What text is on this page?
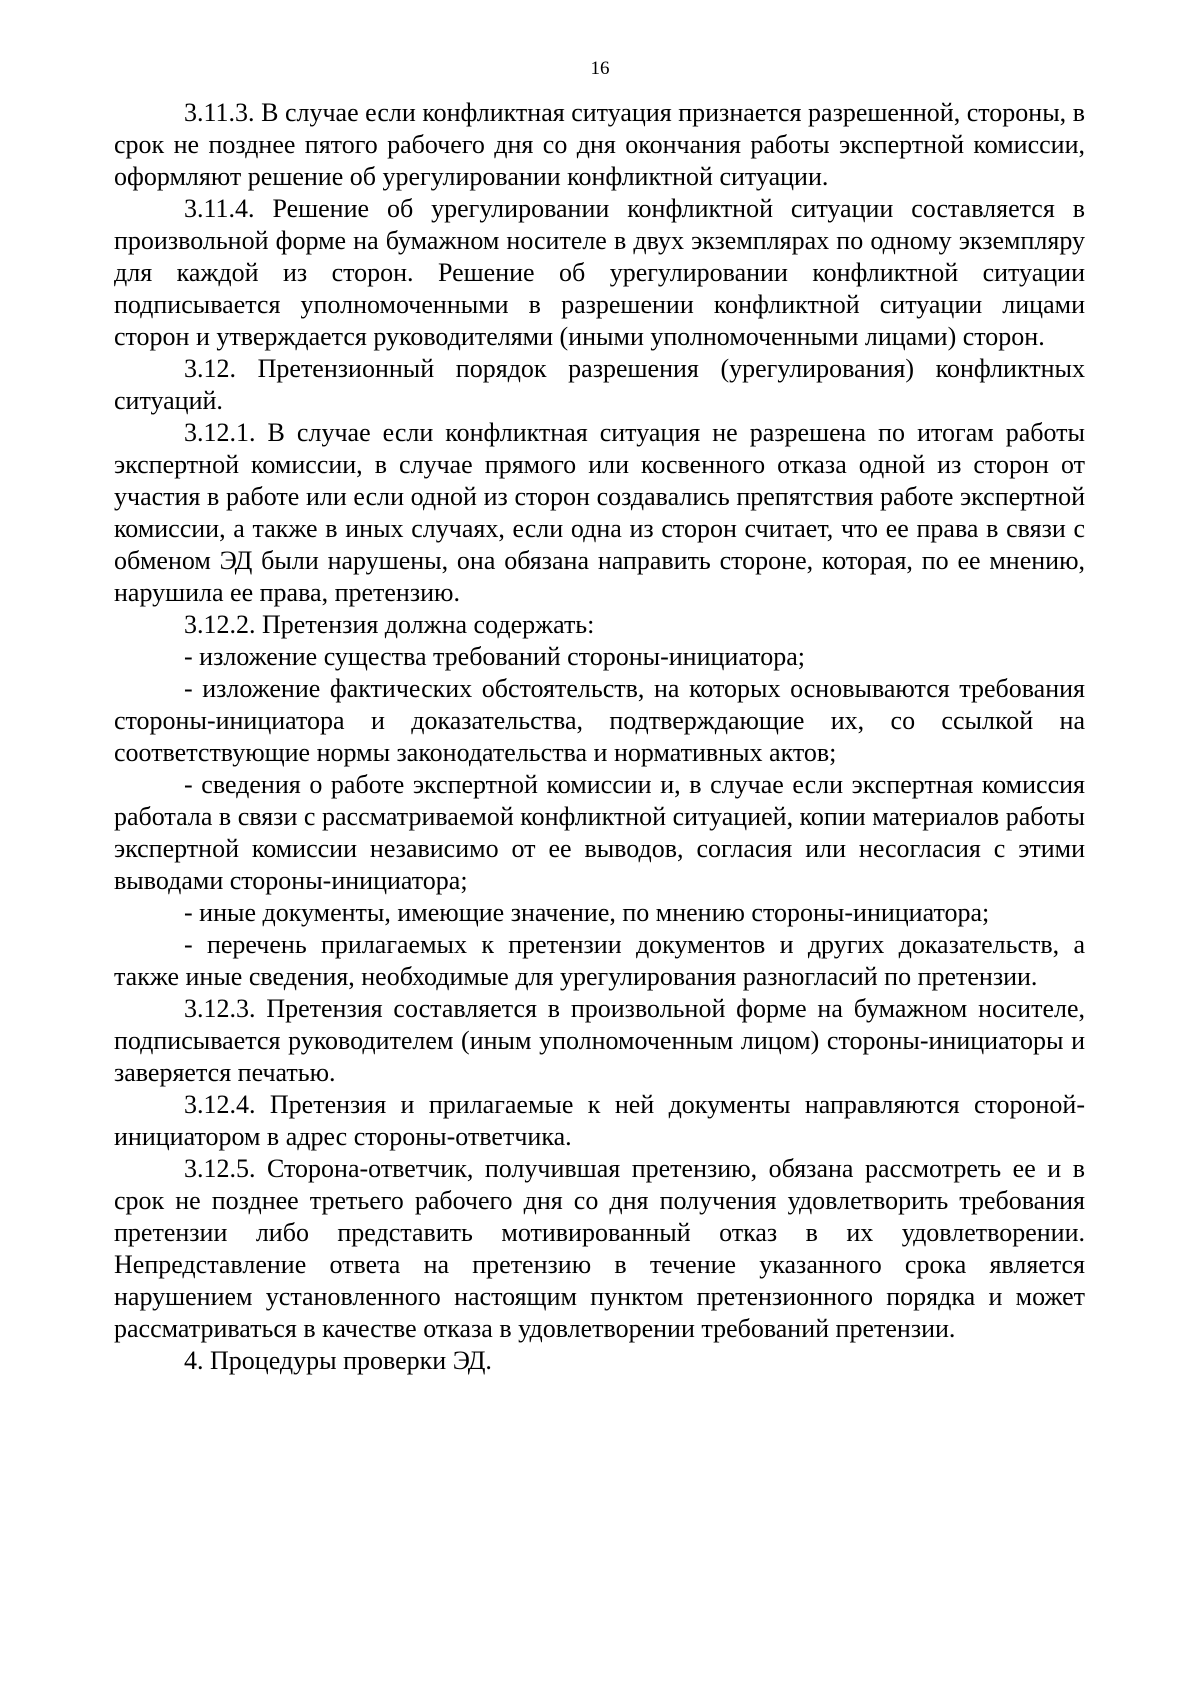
16

3.11.3. В случае если конфликтная ситуация признается разрешенной, стороны, в срок не позднее пятого рабочего дня со дня окончания работы экспертной комиссии, оформляют решение об урегулировании конфликтной ситуации.

3.11.4. Решение об урегулировании конфликтной ситуации составляется в произвольной форме на бумажном носителе в двух экземплярах по одному экземпляру для каждой из сторон. Решение об урегулировании конфликтной ситуации подписывается уполномоченными в разрешении конфликтной ситуации лицами сторон и утверждается руководителями (иными уполномоченными лицами) сторон.

3.12. Претензионный порядок разрешения (урегулирования) конфликтных ситуаций.

3.12.1. В случае если конфликтная ситуация не разрешена по итогам работы экспертной комиссии, в случае прямого или косвенного отказа одной из сторон от участия в работе или если одной из сторон создавались препятствия работе экспертной комиссии, а также в иных случаях, если одна из сторон считает, что ее права в связи с обменом ЭД были нарушены, она обязана направить стороне, которая, по ее мнению, нарушила ее права, претензию.

3.12.2. Претензия должна содержать:

- изложение существа требований стороны-инициатора;

- изложение фактических обстоятельств, на которых основываются требования стороны-инициатора и доказательства, подтверждающие их, со ссылкой на соответствующие нормы законодательства и нормативных актов;

- сведения о работе экспертной комиссии и, в случае если экспертная комиссия работала в связи с рассматриваемой конфликтной ситуацией, копии материалов работы экспертной комиссии независимо от ее выводов, согласия или несогласия с этими выводами стороны-инициатора;

- иные документы, имеющие значение, по мнению стороны-инициатора;

- перечень прилагаемых к претензии документов и других доказательств, а также иные сведения, необходимые для урегулирования разногласий по претензии.

3.12.3. Претензия составляется в произвольной форме на бумажном носителе, подписывается руководителем (иным уполномоченным лицом) стороны-инициаторы и заверяется печатью.

3.12.4. Претензия и прилагаемые к ней документы направляются стороной-инициатором в адрес стороны-ответчика.

3.12.5. Сторона-ответчик, получившая претензию, обязана рассмотреть ее и в срок не позднее третьего рабочего дня со дня получения удовлетворить требования претензии либо представить мотивированный отказ в их удовлетворении. Непредставление ответа на претензию в течение указанного срока является нарушением установленного настоящим пунктом претензионного порядка и может рассматриваться в качестве отказа в удовлетворении требований претензии.

4. Процедуры проверки ЭД.
